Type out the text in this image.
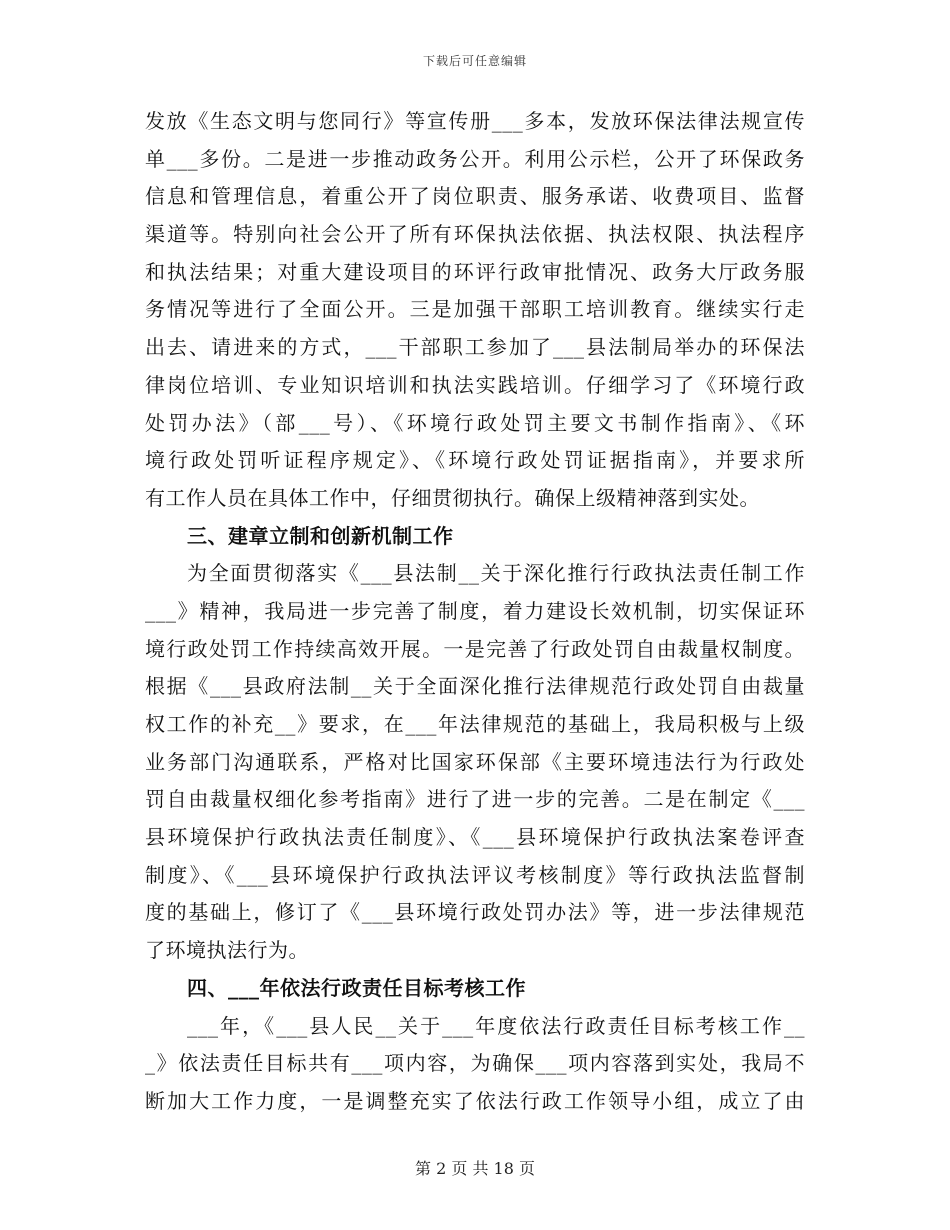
下载后可任意编辑
发放《生态文明与您同行》等宣传册___多本，发放环保法律法规宣传
单___多份。二是进一步推动政务公开。利用公示栏，公开了环保政务
信息和管理信息，着重公开了岗位职责、服务承诺、收费项目、监督
渠道等。特别向社会公开了所有环保执法依据、执法权限、执法程序
和执法结果；对重大建设项目的环评行政审批情况、政务大厅政务服
务情况等进行了全面公开。三是加强干部职工培训教育。继续实行走
出去、请进来的方式，___干部职工参加了___县法制局举办的环保法
律岗位培训、专业知识培训和执法实践培训。仔细学习了《环境行政
处罚办法》（部___号）、《环境行政处罚主要文书制作指南》、《环
境行政处罚听证程序规定》、《环境行政处罚证据指南》，并要求所
有工作人员在具体工作中，仔细贯彻执行。确保上级精神落到实处。
三、建章立制和创新机制工作
为全面贯彻落实《___县法制__关于深化推行行政执法责任制工作
___》精神，我局进一步完善了制度，着力建设长效机制，切实保证环
境行政处罚工作持续高效开展。一是完善了行政处罚自由裁量权制度。
根据《___县政府法制__关于全面深化推行法律规范行政处罚自由裁量
权工作的补充__》要求，在___年法律规范的基础上，我局积极与上级
业务部门沟通联系，严格对比国家环保部《主要环境违法行为行政处
罚自由裁量权细化参考指南》进行了进一步的完善。二是在制定《___
县环境保护行政执法责任制度》、《___县环境保护行政执法案卷评查
制度》、《___县环境保护行政执法评议考核制度》等行政执法监督制
度的基础上，修订了《___县环境行政处罚办法》等，进一步法律规范
了环境执法行为。
四、___年依法行政责任目标考核工作
___年，《___县人民__关于___年度依法行政责任目标考核工作__
_》依法责任目标共有___项内容，为确保___项内容落到实处，我局不
断加大工作力度，一是调整充实了依法行政工作领导小组，成立了由
第 2 页 共 18 页
